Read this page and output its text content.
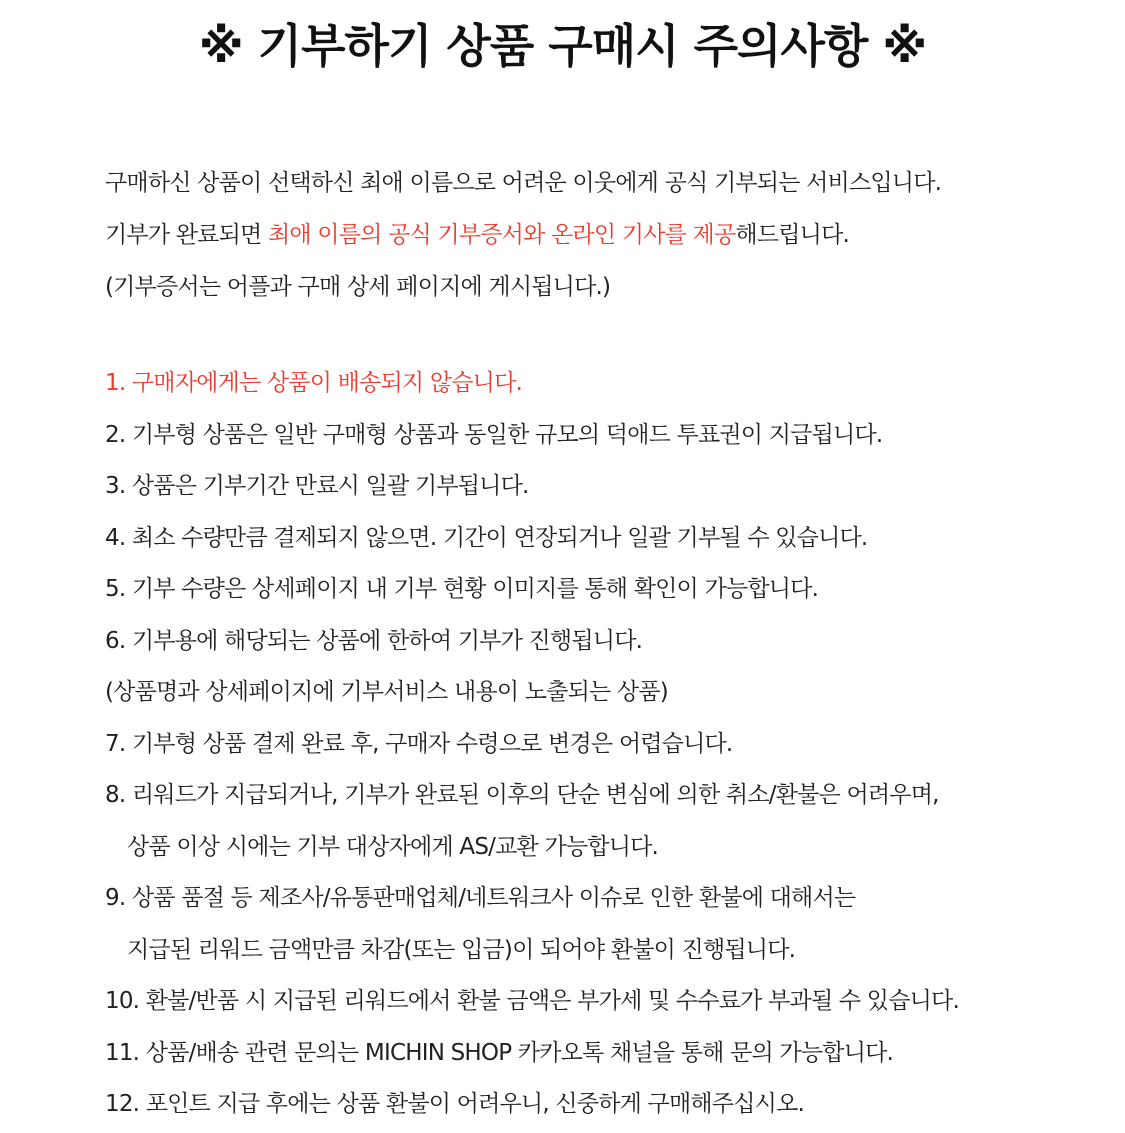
※ 기부하기 상품 구매시 주의사항 ※
구매하신 상품이 선택하신 최애 이름으로 어려운 이웃에게 공식 기부되는 서비스입니다.
기부가 완료되면 최애 이름의 공식 기부증서와 온라인 기사를 제공해드립니다.
(기부증서는 어플과 구매 상세 페이지에 게시됩니다.)
1. 구매자에게는 상품이 배송되지 않습니다.
2. 기부형 상품은 일반 구매형 상품과 동일한 규모의 덕애드 투표권이 지급됩니다.
3. 상품은 기부기간 만료시 일괄 기부됩니다.
4. 최소 수량만큼 결제되지 않으면. 기간이 연장되거나 일괄 기부될 수 있습니다.
5. 기부 수량은 상세페이지 내 기부 현황 이미지를 통해 확인이 가능합니다.
6. 기부용에 해당되는 상품에 한하여 기부가 진행됩니다.
(상품명과 상세페이지에 기부서비스 내용이 노출되는 상품)
7. 기부형 상품 결제 완료 후, 구매자 수령으로 변경은 어렵습니다.
8. 리워드가 지급되거나, 기부가 완료된 이후의 단순 변심에 의한 취소/환불은 어려우며,
상품 이상 시에는 기부 대상자에게 AS/교환 가능합니다.
9. 상품 품절 등 제조사/유통판매업체/네트워크사 이슈로 인한 환불에 대해서는
지급된 리워드 금액만큼 차감(또는 입금)이 되어야 환불이 진행됩니다.
10. 환불/반품 시 지급된 리워드에서 환불 금액은 부가세 및 수수료가 부과될 수 있습니다.
11. 상품/배송 관련 문의는 MICHIN SHOP 카카오톡 채널을 통해 문의 가능합니다.
12. 포인트 지급 후에는 상품 환불이 어려우니, 신중하게 구매해주십시오.
